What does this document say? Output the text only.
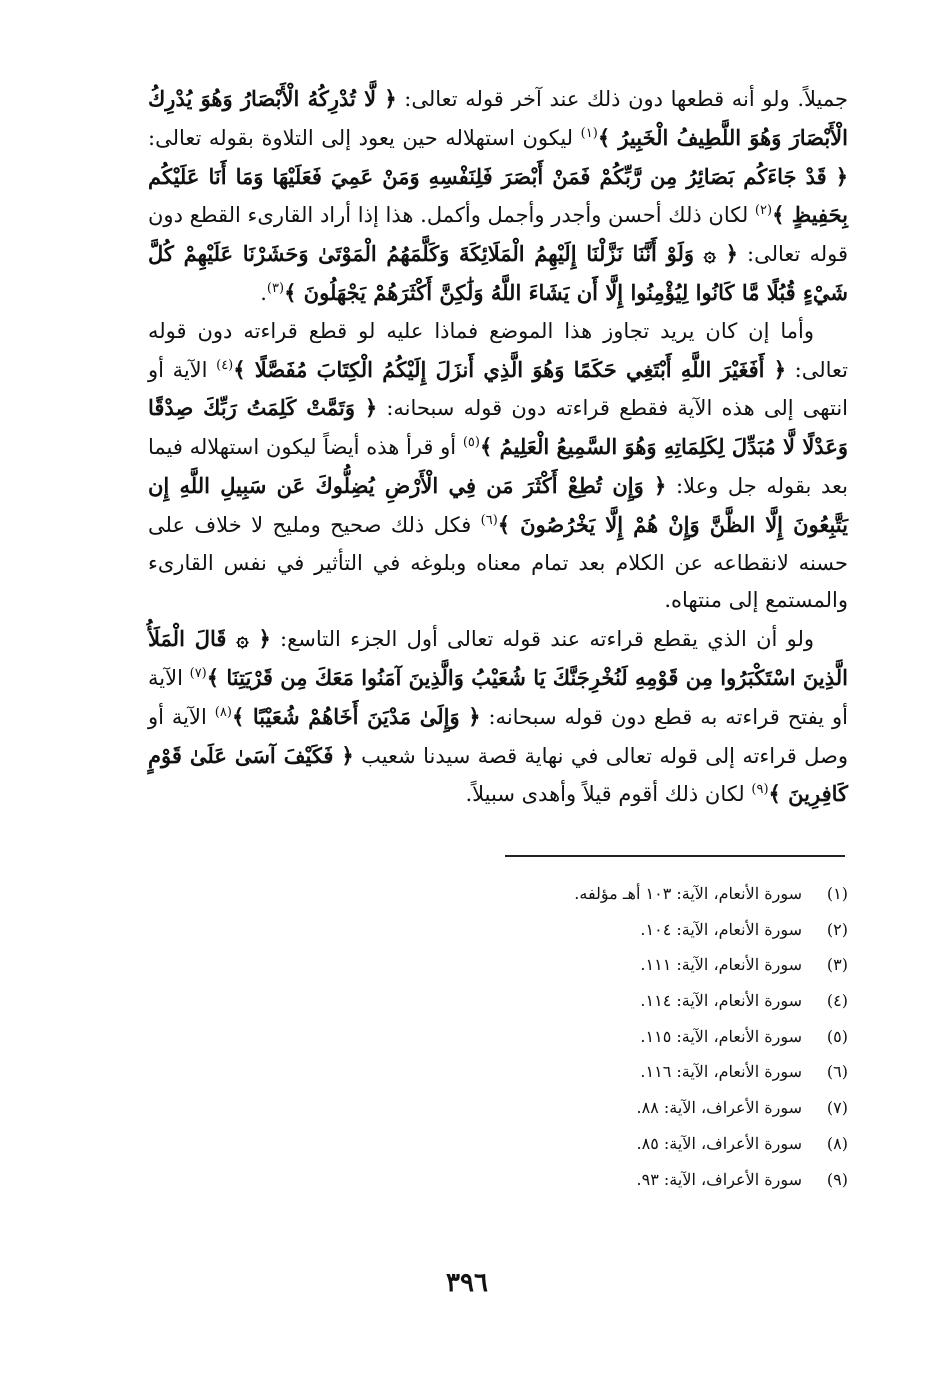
جميلاً. ولو أنه قطعها دون ذلك عند آخر قوله تعالى: ﴿ لَّا تُدْرِكُهُ الْأَبْصَارُ وَهُوَ يُدْرِكُ الْأَبْصَارَ وَهُوَ اللَّطِيفُ الْخَبِيرُ ﴾$^{(١)}$ ليكون استهلاله حين يعود إلى التلاوة بقوله تعالى: ﴿ قَدْ جَاءَكُم بَصَائِرُ مِن رَّبِّكُمْ فَمَنْ أَبْصَرَ فَلِنَفْسِهِ وَمَنْ عَمِيَ فَعَلَيْهَا وَمَا أَنَا عَلَيْكُم بِحَفِيظٍ ﴾$^{(٢)}$ لكان ذلك أحسن وأجدر وأجمل وأكمل. هذا إذا أراد القارىء القطع دون قوله تعالى: ﴿ ۞ وَلَوْ أَنَّنَا نَزَّلْنَا إِلَيْهِمُ الْمَلَائِكَةَ وَكَلَّمَهُمُ الْمَوْتَىٰ وَحَشَرْنَا عَلَيْهِمْ كُلَّ شَيْءٍ قُبُلًا مَّا كَانُوا لِيُؤْمِنُوا إِلَّا أَن يَشَاءَ اللَّهُ وَلَٰكِنَّ أَكْثَرَهُمْ يَجْهَلُونَ ﴾$^{(٣)}$.

وأما إن كان يريد تجاوز هذا الموضع فماذا عليه لو قطع قراءته دون قوله تعالى: ﴿ أَفَغَيْرَ اللَّهِ أَبْتَغِي حَكَمًا وَهُوَ الَّذِي أَنزَلَ إِلَيْكُمُ الْكِتَابَ مُفَصَّلًا ﴾$^{(٤)}$ الآية أو انتهى إلى هذه الآية فقطع قراءته دون قوله سبحانه: ﴿ وَتَمَّتْ كَلِمَتُ رَبِّكَ صِدْقًا وَعَدْلًا لَّا مُبَدِّلَ لِكَلِمَاتِهِ وَهُوَ السَّمِيعُ الْعَلِيمُ ﴾$^{(٥)}$ أو قرأ هذه أيضاً ليكون استهلاله فيما بعد بقوله جل وعلا: ﴿ وَإِن تُطِعْ أَكْثَرَ مَن فِي الْأَرْضِ يُضِلُّوكَ عَن سَبِيلِ اللَّهِ إِن يَتَّبِعُونَ إِلَّا الظَّنَّ وَإِنْ هُمْ إِلَّا يَخْرُصُونَ ﴾$^{(٦)}$ فكل ذلك صحيح ومليح لا خلاف على حسنه لانقطاعه عن الكلام بعد تمام معناه وبلوغه في التأثير في نفس القارىء والمستمع إلى منتهاه.

ولو أن الذي يقطع قراءته عند قوله تعالى أول الجزء التاسع: ﴿ ۞ قَالَ الْمَلَأُ الَّذِينَ اسْتَكْبَرُوا مِن قَوْمِهِ لَنُخْرِجَنَّكَ يَا شُعَيْبُ وَالَّذِينَ آمَنُوا مَعَكَ مِن قَرْيَتِنَا ﴾$^{(٧)}$ الآية أو يفتح قراءته به قطع دون قوله سبحانه: ﴿ وَإِلَىٰ مَدْيَنَ أَخَاهُمْ شُعَيْبًا ﴾$^{(٨)}$ الآية أو وصل قراءته إلى قوله تعالى في نهاية قصة سيدنا شعيب ﴿ فَكَيْفَ آسَىٰ عَلَىٰ قَوْمٍ كَافِرِينَ ﴾$^{(٩)}$ لكان ذلك أقوم قيلاً وأهدى سبيلاً.

(١)سورة الأنعام، الآية: ١٠٣ أهـ مؤلفه.
(٢)سورة الأنعام، الآية: ١٠٤.
(٣)سورة الأنعام، الآية: ١١١.
(٤)سورة الأنعام، الآية: ١١٤.
(٥)سورة الأنعام، الآية: ١١٥.
(٦)سورة الأنعام، الآية: ١١٦.
(٧)سورة الأعراف، الآية: ٨٨.
(٨)سورة الأعراف، الآية: ٨٥.
(٩)سورة الأعراف، الآية: ٩٣.
٣٩٦
